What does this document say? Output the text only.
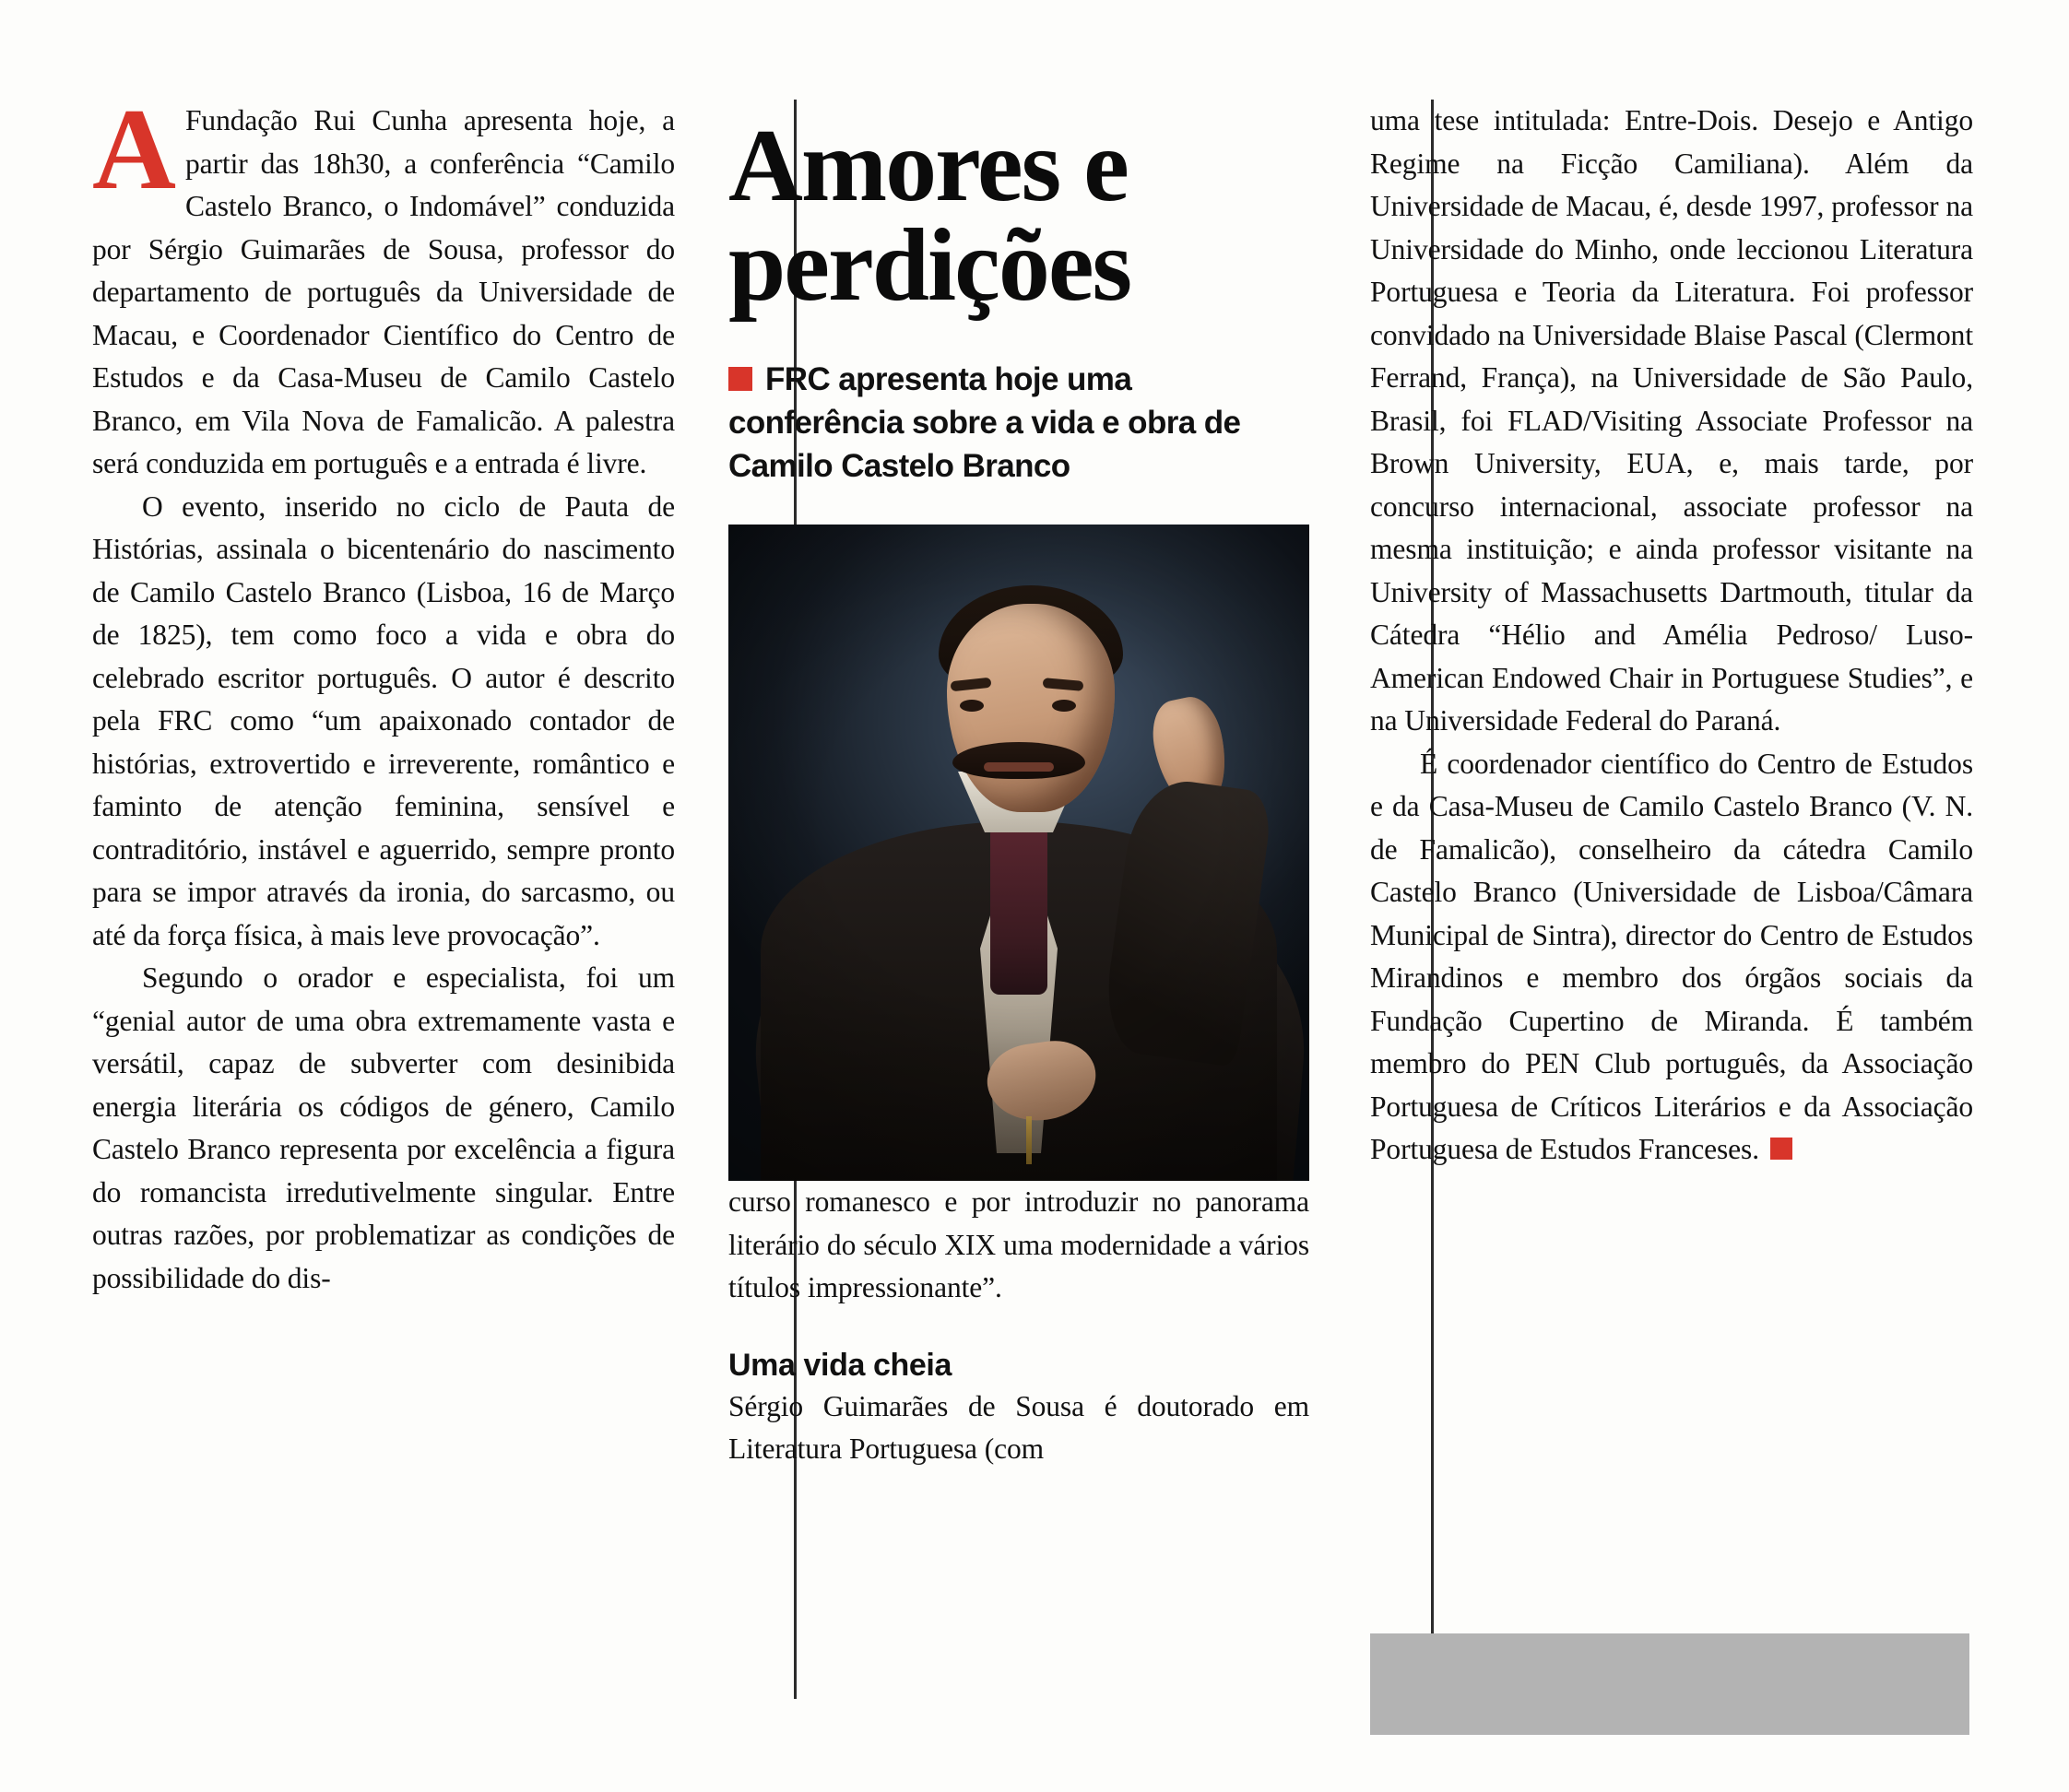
A Fundação Rui Cunha apresenta hoje, a partir das 18h30, a conferência “Camilo Castelo Branco, o Indomável” conduzida por Sérgio Guimarães de Sousa, professor do departamento de português da Universidade de Macau, e Coordenador Científico do Centro de Estudos e da Casa-Museu de Camilo Castelo Branco, em Vila Nova de Famalicão. A palestra será conduzida em português e a entrada é livre.

O evento, inserido no ciclo de Pauta de Histórias, assinala o bicentenário do nascimento de Camilo Castelo Branco (Lisboa, 16 de Março de 1825), tem como foco a vida e obra do celebrado escritor português. O autor é descrito pela FRC como “um apaixonado contador de histórias, extrovertido e irreverente, romântico e faminto de atenção feminina, sensível e contraditório, instável e aguerrido, sempre pronto para se impor através da ironia, do sarcasmo, ou até da força física, à mais leve provocação”.

Segundo o orador e especialista, foi um “genial autor de uma obra extremamente vasta e versátil, capaz de subverter com desinibida energia literária os códigos de género, Camilo Castelo Branco representa por excelência a figura do romancista irredutivelmente singular. Entre outras razões, por problematizar as condições de possibilidade do dis-

Amores e perdições

FRC apresenta hoje uma conferência sobre a vida e obra de Camilo Castelo Branco

curso romanesco e por introduzir no panorama literário do século XIX uma modernidade a vários títulos impressionante”.

Uma vida cheia

Sérgio Guimarães de Sousa é doutorado em Literatura Portuguesa (com

uma tese intitulada: Entre-Dois. Desejo e Antigo Regime na Ficção Camiliana). Além da Universidade de Macau, é, desde 1997, professor na Universidade do Minho, onde leccionou Literatura Portuguesa e Teoria da Literatura. Foi professor convidado na Universidade Blaise Pascal (Clermont Ferrand, França), na Universidade de São Paulo, Brasil, foi FLAD/Visiting Associate Professor na Brown University, EUA, e, mais tarde, por concurso internacional, associate professor na mesma instituição; e ainda professor visitante na University of Massachusetts Dartmouth, titular da Cátedra “Hélio and Amélia Pedroso/ Luso-American Endowed Chair in Portuguese Studies”, e na Universidade Federal do Paraná.

É coordenador científico do Centro de Estudos e da Casa-Museu de Camilo Castelo Branco (V. N. de Famalicão), conselheiro da cátedra Camilo Castelo Branco (Universidade de Lisboa/Câmara Municipal de Sintra), director do Centro de Estudos Mirandinos e membro dos órgãos sociais da Fundação Cupertino de Miranda. É também membro do PEN Club português, da Associação Portuguesa de Críticos Literários e da Associação Portuguesa de Estudos Franceses.
